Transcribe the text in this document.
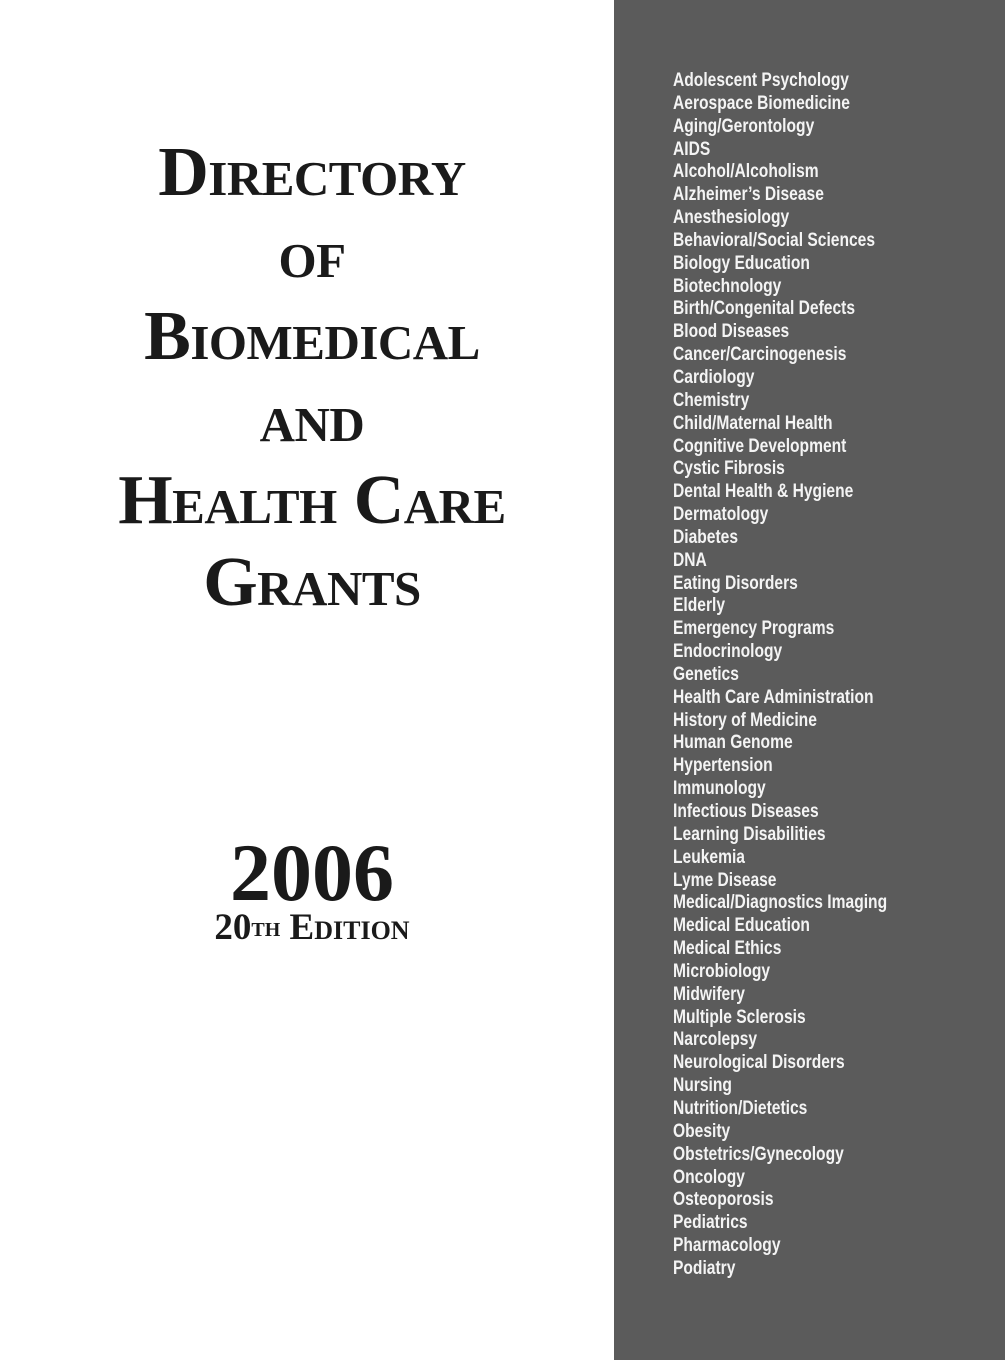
Directory
of
Biomedical
and
Health Care
Grants
2006
20TH Edition
Adolescent Psychology
Aerospace Biomedicine
Aging/Gerontology
AIDS
Alcohol/Alcoholism
Alzheimer’s Disease
Anesthesiology
Behavioral/Social Sciences
Biology Education
Biotechnology
Birth/Congenital Defects
Blood Diseases
Cancer/Carcinogenesis
Cardiology
Chemistry
Child/Maternal Health
Cognitive Development
Cystic Fibrosis
Dental Health & Hygiene
Dermatology
Diabetes
DNA
Eating Disorders
Elderly
Emergency Programs
Endocrinology
Genetics
Health Care Administration
History of Medicine
Human Genome
Hypertension
Immunology
Infectious Diseases
Learning Disabilities
Leukemia
Lyme Disease
Medical/Diagnostics Imaging
Medical Education
Medical Ethics
Microbiology
Midwifery
Multiple Sclerosis
Narcolepsy
Neurological Disorders
Nursing
Nutrition/Dietetics
Obesity
Obstetrics/Gynecology
Oncology
Osteoporosis
Pediatrics
Pharmacology
Podiatry
